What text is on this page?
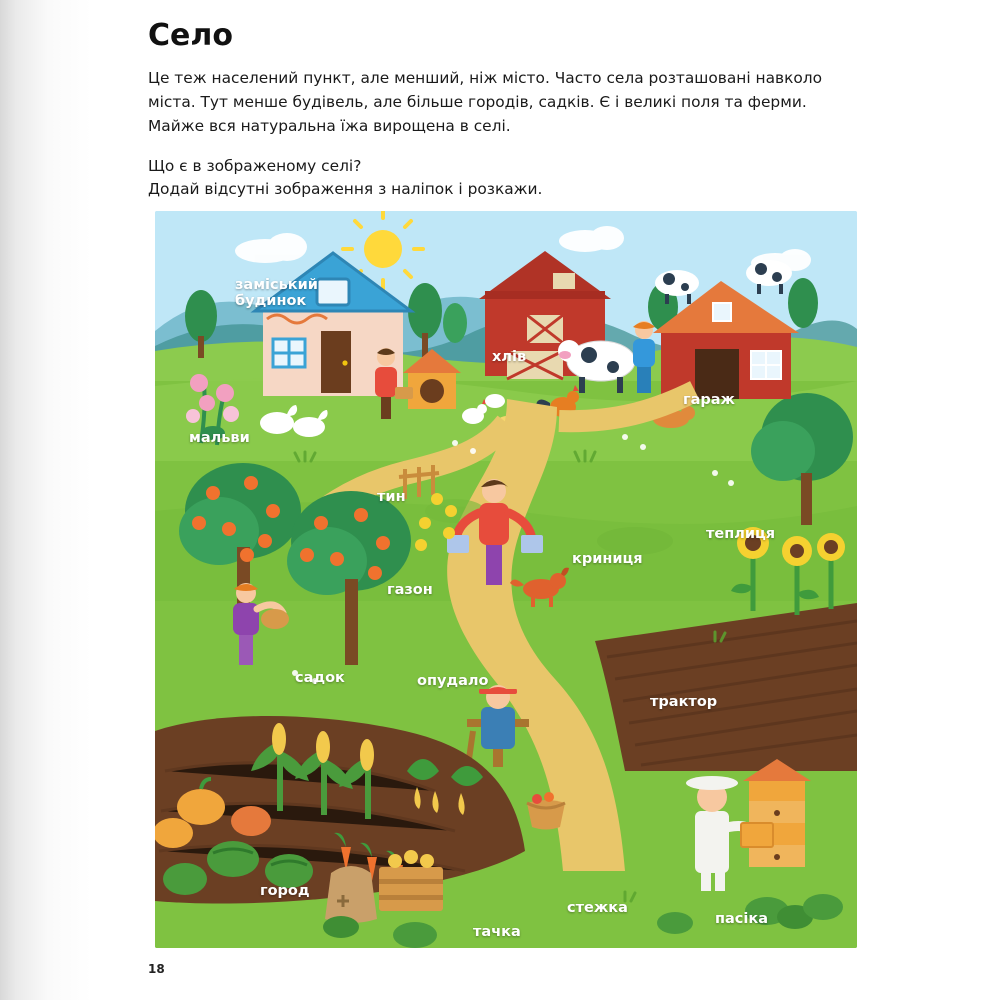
Село

Це теж населений пункт, але менший, ніж місто. Часто села розташовані навколо міста. Тут менше будівель, але більше городів, садків. Є і великі поля та ферми. Майже вся натуральна їжа вирощена в селі.

Що є в зображеному селі?

Додай відсутні зображення з наліпок і розкажи.

18
заміський
будинок
хлів
гараж
мальви
тин
теплиця
криниця
газон
садок	опудало
трактор
город
стежка
пасіка
тачка
